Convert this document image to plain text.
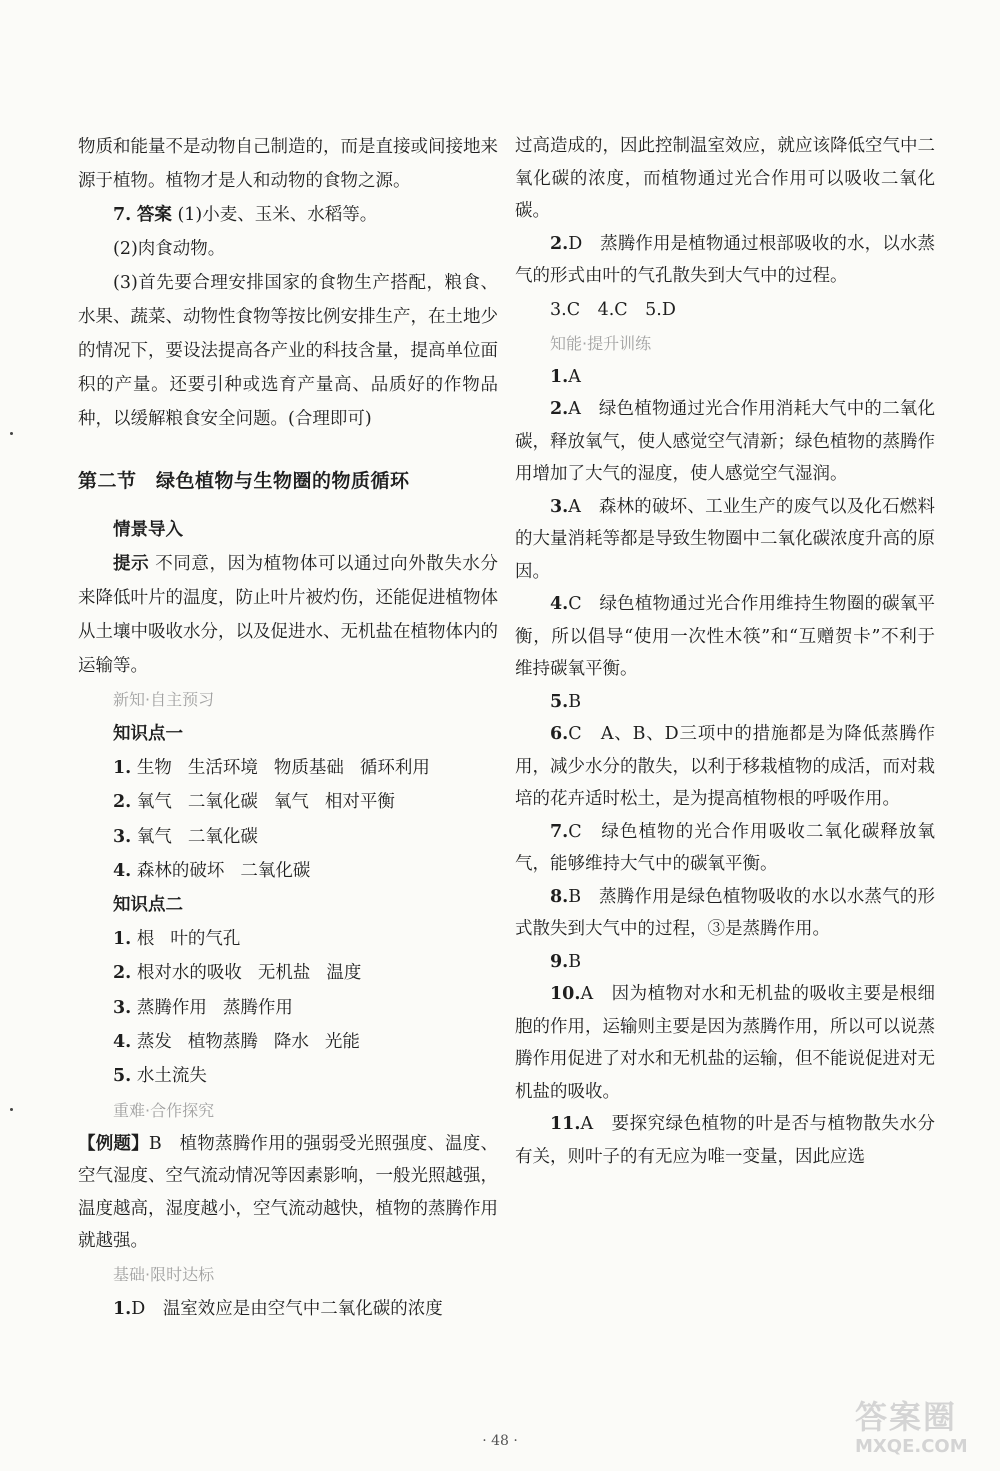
物质和能量不是动物自己制造的，而是直接或间接地来源于植物。植物才是人和动物的食物之源。

7. 答案 (1)小麦、玉米、水稻等。

(2)肉食动物。

(3)首先要合理安排国家的食物生产搭配，粮食、水果、蔬菜、动物性食物等按比例安排生产，在土地少的情况下，要设法提高各产业的科技含量，提高单位面积的产量。还要引种或选育产量高、品质好的作物品种，以缓解粮食安全问题。(合理即可)

第二节　绿色植物与生物圈的物质循环

情景导入

提示 不同意，因为植物体可以通过向外散失水分来降低叶片的温度，防止叶片被灼伤，还能促进植物体从土壤中吸收水分，以及促进水、无机盐在植物体内的运输等。

新知·自主预习

知识点一

1. 生物 生活环境 物质基础 循环利用

2. 氧气 二氧化碳 氧气 相对平衡

3. 氧气 二氧化碳

4. 森林的破坏 二氧化碳

知识点二

1. 根 叶的气孔

2. 根对水的吸收 无机盐 温度

3. 蒸腾作用 蒸腾作用

4. 蒸发 植物蒸腾 降水 光能

5. 水土流失

重难·合作探究

【例题】B　 植物蒸腾作用的强弱受光照强度、温度、空气湿度、空气流动情况等因素影响，一般光照越强，温度越高，湿度越小，空气流动越快，植物的蒸腾作用就越强。

基础·限时达标

1.D　 温室效应是由空气中二氧化碳的浓度

过高造成的，因此控制温室效应，就应该降低空气中二氧化碳的浓度，而植物通过光合作用可以吸收二氧化碳。

2.D　 蒸腾作用是植物通过根部吸收的水，以水蒸气的形式由叶的气孔散失到大气中的过程。

3.C　4.C　5.D

知能·提升训练

1.A

2.A　 绿色植物通过光合作用消耗大气中的二氧化碳，释放氧气，使人感觉空气清新；绿色植物的蒸腾作用增加了大气的湿度，使人感觉空气湿润。

3.A　 森林的破坏、工业生产的废气以及化石燃料的大量消耗等都是导致生物圈中二氧化碳浓度升高的原因。

4.C　 绿色植物通过光合作用维持生物圈的碳氧平衡，所以倡导“使用一次性木筷”和“互赠贺卡”不利于维持碳氧平衡。

5.B

6.C　 A、B、D三项中的措施都是为降低蒸腾作用，减少水分的散失，以利于移栽植物的成活，而对栽培的花卉适时松土，是为提高植物根的呼吸作用。

7.C　 绿色植物的光合作用吸收二氧化碳释放氧气，能够维持大气中的碳氧平衡。

8.B　 蒸腾作用是绿色植物吸收的水以水蒸气的形式散失到大气中的过程，③是蒸腾作用。

9.B

10.A　 因为植物对水和无机盐的吸收主要是根细胞的作用，运输则主要是因为蒸腾作用，所以可以说蒸腾作用促进了对水和无机盐的运输，但不能说促进对无机盐的吸收。

11.A　 要探究绿色植物的叶是否与植物散失水分有关，则叶子的有无应为唯一变量，因此应选

· 48 ·
答案圈
MXQE.COM
